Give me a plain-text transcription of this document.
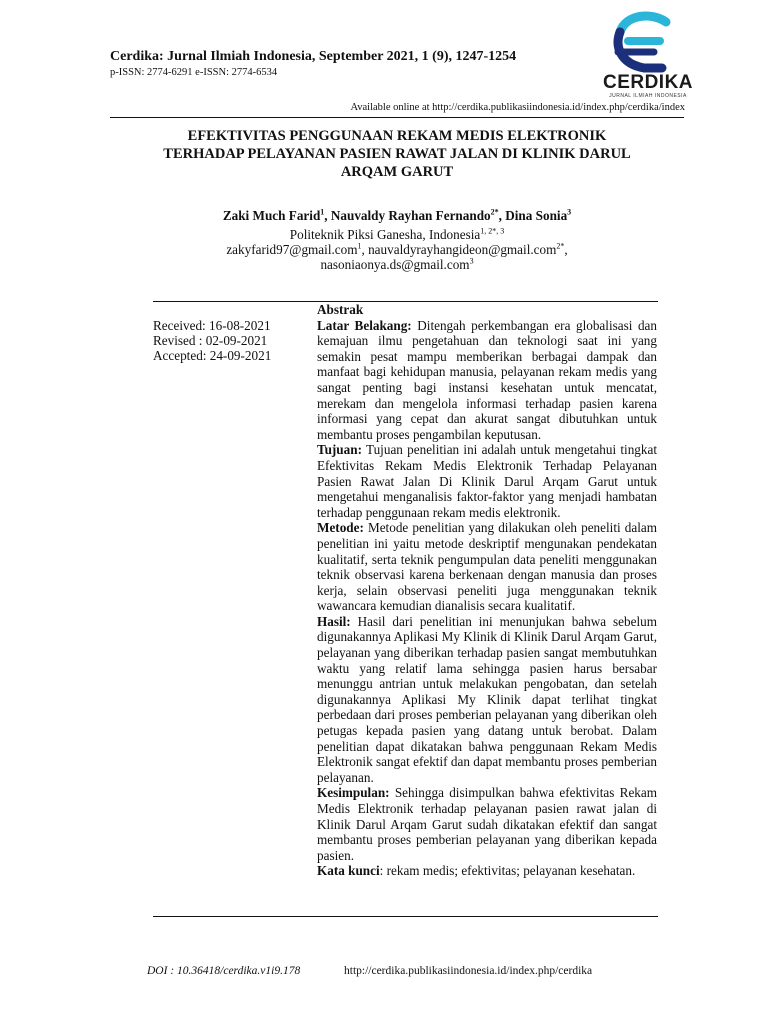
Cerdika: Jurnal Ilmiah Indonesia, September 2021, 1 (9), 1247-1254
p-ISSN: 2774-6291 e-ISSN: 2774-6534
Available online at http://cerdika.publikasiindonesia.id/index.php/cerdika/index
CERDIKA
JURNAL ILMIAH INDONESIA
EFEKTIVITAS PENGGUNAAN REKAM MEDIS ELEKTRONIK
TERHADAP PELAYANAN PASIEN RAWAT JALAN DI KLINIK DARUL
ARQAM GARUT
Zaki Much Farid$^1$, Nauvaldy Rayhan Fernando$^{2*}$, Dina Sonia$^3$
Politeknik Piksi Ganesha, Indonesia$^{1, 2*, 3}$
zakyfarid97@gmail.com$^1$, nauvaldyrayhangideon@gmail.com$^{2*}$,
nasoniaonya.ds@gmail.com$^3$
Received: 16-08-2021
Revised : 02-09-2021
Accepted: 24-09-2021

Abstrak

Latar Belakang: Ditengah perkembangan era globalisasi dan kemajuan ilmu pengetahuan dan teknologi saat ini yang semakin pesat mampu memberikan berbagai dampak dan manfaat bagi kehidupan manusia, pelayanan rekam medis yang sangat penting bagi instansi kesehatan untuk mencatat, merekam dan mengelola informasi terhadap pasien karena informasi yang cepat dan akurat sangat dibutuhkan untuk membantu proses pengambilan keputusan.

Tujuan: Tujuan penelitian ini adalah untuk mengetahui tingkat Efektivitas Rekam Medis Elektronik Terhadap Pelayanan Pasien Rawat Jalan Di Klinik Darul Arqam Garut untuk mengetahui menganalisis faktor-faktor yang menjadi hambatan terhadap penggunaan rekam medis elektronik.

Metode: Metode penelitian yang dilakukan oleh peneliti dalam penelitian ini yaitu metode deskriptif mengunakan pendekatan kualitatif, serta teknik pengumpulan data peneliti menggunakan teknik observasi karena berkenaan dengan manusia dan proses kerja, selain observasi peneliti juga menggunakan teknik wawancara kemudian dianalisis secara kualitatif.

Hasil: Hasil dari penelitian ini menunjukan bahwa sebelum digunakannya Aplikasi My Klinik di Klinik Darul Arqam Garut, pelayanan yang diberikan terhadap pasien sangat membutuhkan waktu yang relatif lama sehingga pasien harus bersabar menunggu antrian untuk melakukan pengobatan, dan setelah digunakannya Aplikasi My Klinik dapat terlihat tingkat perbedaan dari proses pemberian pelayanan yang diberikan oleh petugas kepada pasien yang datang untuk berobat. Dalam penelitian dapat dikatakan bahwa penggunaan Rekam Medis Elektronik sangat efektif dan dapat membantu proses pemberian pelayanan.

Kesimpulan: Sehingga disimpulkan bahwa efektivitas Rekam Medis Elektronik terhadap pelayanan pasien rawat jalan di Klinik Darul Arqam Garut sudah dikatakan efektif dan sangat membantu proses pemberian pelayanan yang diberikan kepada pasien.

Kata kunci: rekam medis; efektivitas; pelayanan kesehatan.

DOI : 10.36418/cerdika.v1i9.178	http://cerdika.publikasiindonesia.id/index.php/cerdika
